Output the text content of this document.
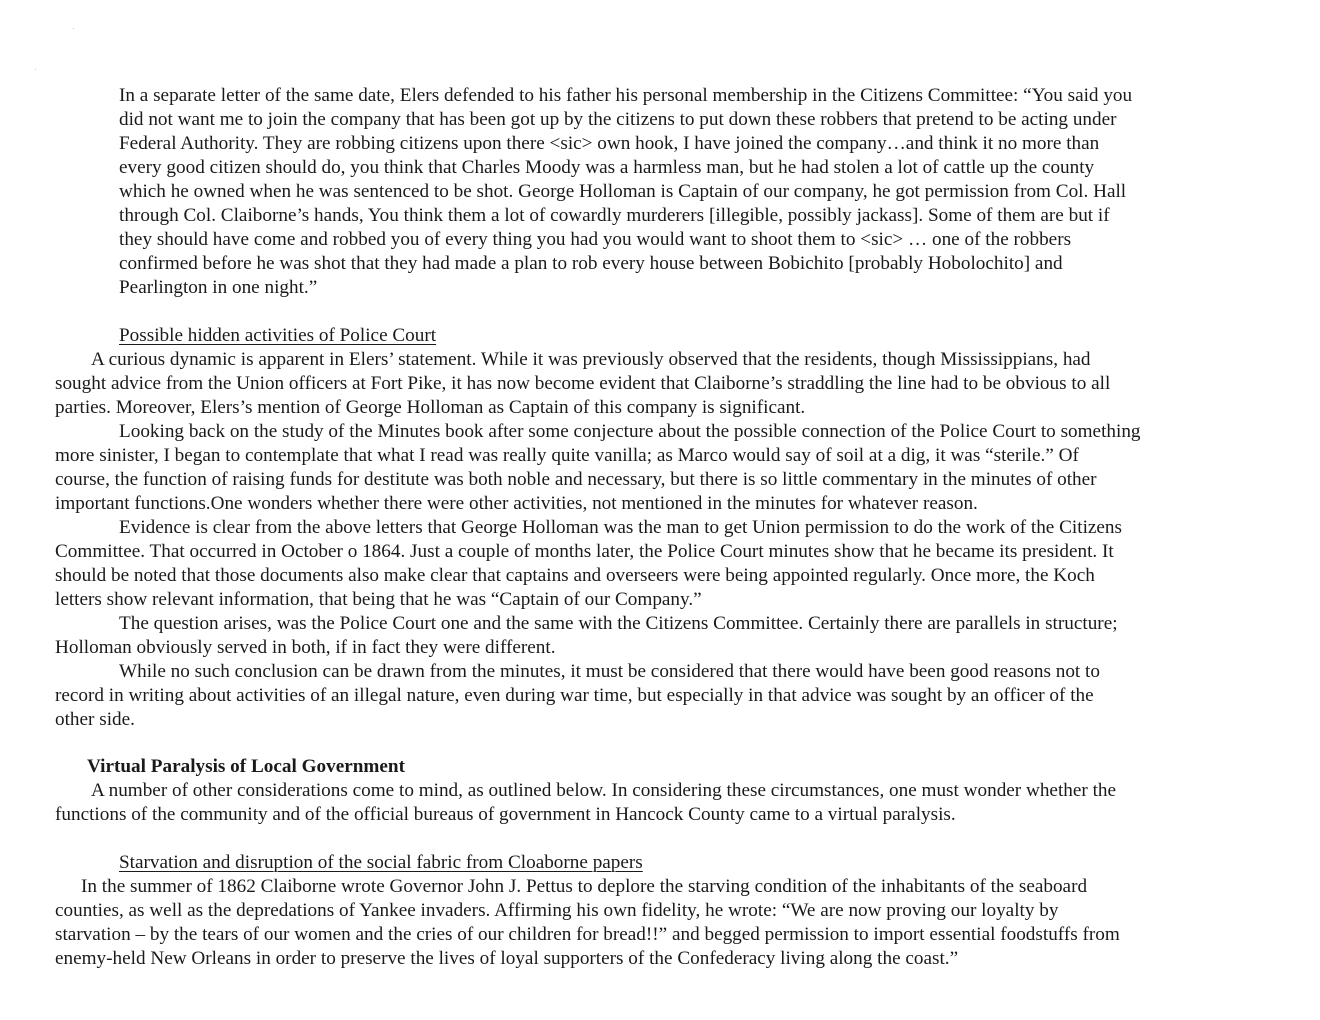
In a separate letter of the same date, Elers defended to his father his personal membership in the Citizens Committee: “You said you
did not want me to join the company that has been got up by the citizens to put down these robbers that pretend to be acting under
Federal Authority. They are robbing citizens upon there <sic> own hook, I have joined the company…and think it no more than
every good citizen should do, you think that Charles Moody was a harmless man, but he had stolen a lot of cattle up the county
which he owned when he was sentenced to be shot. George Holloman is Captain of our company, he got permission from Col. Hall
through Col. Claiborne’s hands, You think them a lot of cowardly murderers [illegible, possibly jackass]. Some of them are but if
they should have come and robbed you of every thing you had you would want to shoot them to <sic> … one of the robbers
confirmed before he was shot that they had made a plan to rob every house between Bobichito [probably Hobolochito] and
Pearlington in one night.”
Possible hidden activities of Police Court
A curious dynamic is apparent in Elers’ statement. While it was previously observed that the residents, though Mississippians, had
sought advice from the Union officers at Fort Pike, it has now become evident that Claiborne’s straddling the line had to be obvious to all
parties. Moreover, Elers’s mention of George Holloman as Captain of this company is significant.
Looking back on the study of the Minutes book after some conjecture about the possible connection of the Police Court to something
more sinister, I began to contemplate that what I read was really quite vanilla; as Marco would say of soil at a dig, it was “sterile.” Of
course, the function of raising funds for destitute was both noble and necessary, but there is so little commentary in the minutes of other
important functions.One wonders whether there were other activities, not mentioned in the minutes for whatever reason.
Evidence is clear from the above letters that George Holloman was the man to get Union permission to do the work of the Citizens
Committee. That occurred in October o 1864. Just a couple of months later, the Police Court minutes show that he became its president. It
should be noted that those documents also make clear that captains and overseers were being appointed regularly. Once more, the Koch
letters show relevant information, that being that he was “Captain of our Company.”
The question arises, was the Police Court one and the same with the Citizens Committee. Certainly there are parallels in structure;
Holloman obviously served in both, if in fact they were different.
While no such conclusion can be drawn from the minutes, it must be considered that there would have been good reasons not to
record in writing about activities of an illegal nature, even during war time, but especially in that advice was sought by an officer of the
other side.
Virtual Paralysis of Local Government
A number of other considerations come to mind, as outlined below. In considering these circumstances, one must wonder whether the
functions of the community and of the official bureaus of government in Hancock County came to a virtual paralysis.
Starvation and disruption of the social fabric from Cloaborne papers
In the summer of 1862 Claiborne wrote Governor John J. Pettus to deplore the starving condition of the inhabitants of the seaboard
counties, as well as the depredations of Yankee invaders. Affirming his own fidelity, he wrote: “We are now proving our loyalty by
starvation – by the tears of our women and the cries of our children for bread!!” and begged permission to import essential foodstuffs from
enemy-held New Orleans in order to preserve the lives of loyal supporters of the Confederacy living along the coast.”
